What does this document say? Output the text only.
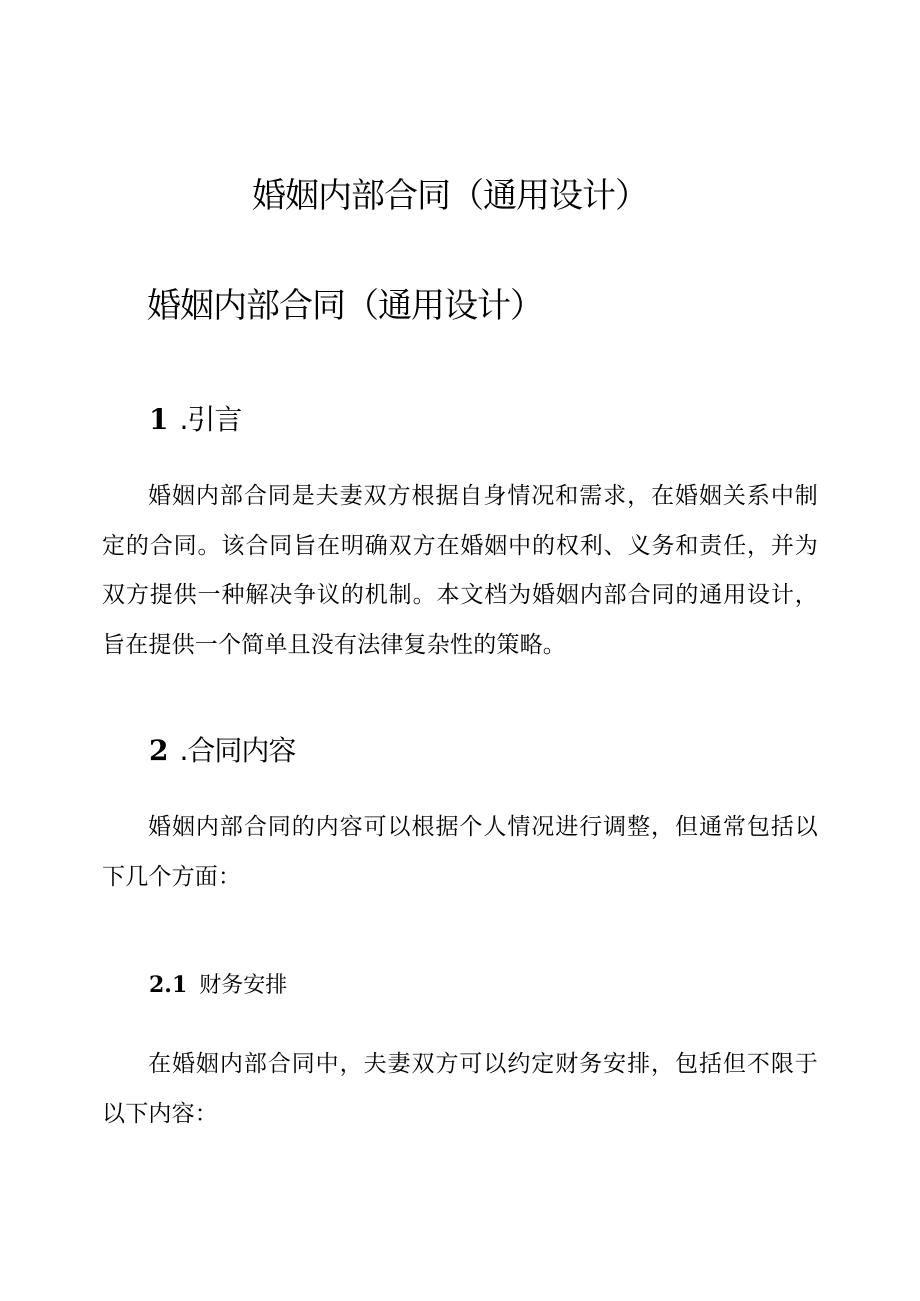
婚姻内部合同（通用设计）
婚姻内部合同（通用设计）
1 .引言

婚姻内部合同是夫妻双方根据自身情况和需求，在婚姻关系中制定的合同。该合同旨在明确双方在婚姻中的权利、义务和责任，并为双方提供一种解决争议的机制。本文档为婚姻内部合同的通用设计，旨在提供一个简单且没有法律复杂性的策略。

2 .合同内容

婚姻内部合同的内容可以根据个人情况进行调整，但通常包括以下几个方面：

2.1 财务安排

在婚姻内部合同中，夫妻双方可以约定财务安排，包括但不限于以下内容：
